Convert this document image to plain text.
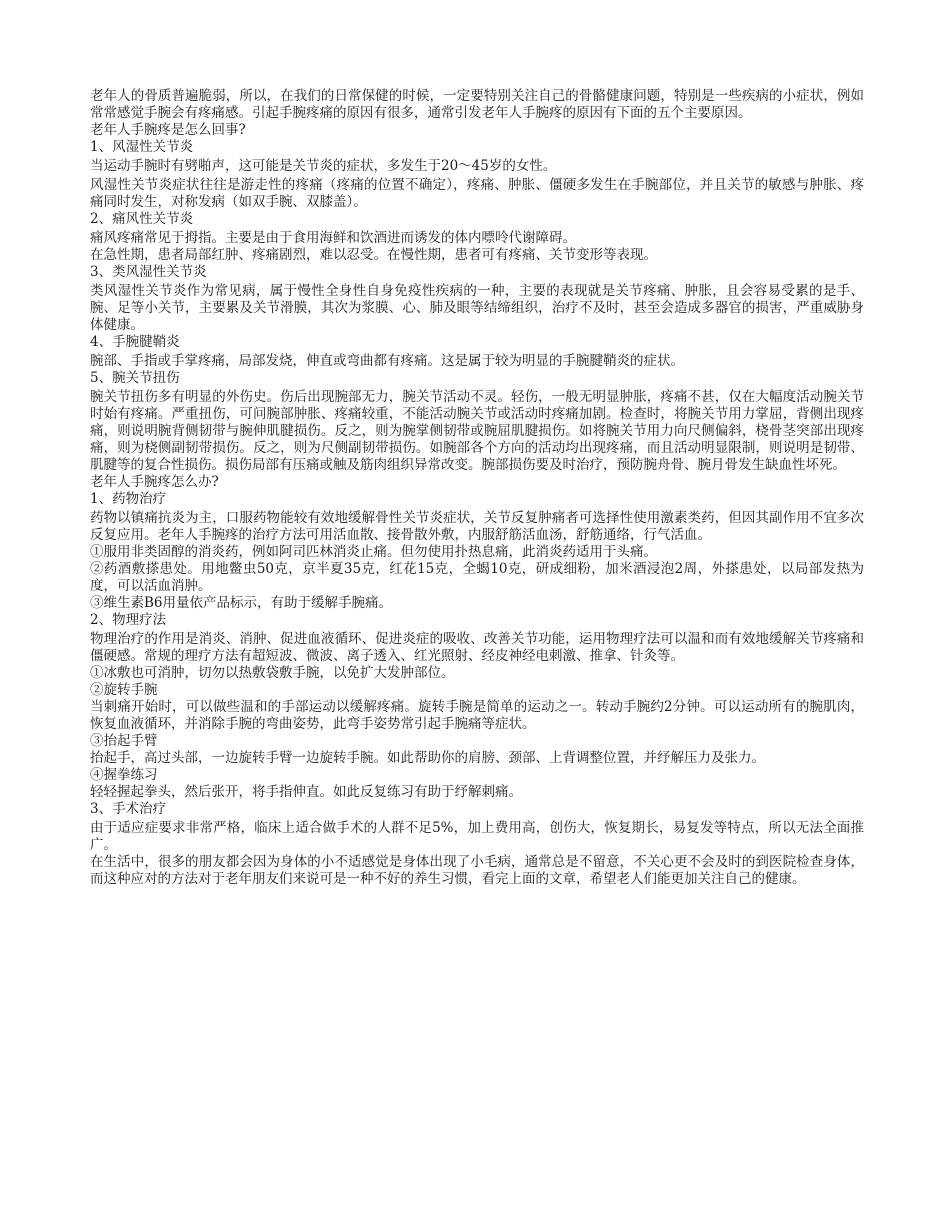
老年人的骨质普遍脆弱，所以，在我们的日常保健的时候，一定要特别关注自己的骨骼健康问题，特别是一些疾病的小症状，例如常常感觉手腕会有疼痛感。引起手腕疼痛的原因有很多，通常引发老年人手腕疼的原因有下面的五个主要原因。

老年人手腕疼是怎么回事?

1、风湿性关节炎

当运动手腕时有劈啪声，这可能是关节炎的症状，多发生于20～45岁的女性。

风湿性关节炎症状往往是游走性的疼痛（疼痛的位置不确定），疼痛、肿胀、僵硬多发生在手腕部位，并且关节的敏感与肿胀、疼痛同时发生，对称发病（如双手腕、双膝盖）。

2、痛风性关节炎

痛风疼痛常见于拇指。主要是由于食用海鲜和饮酒进而诱发的体内嘌呤代谢障碍。

在急性期，患者局部红肿、疼痛剧烈，难以忍受。在慢性期，患者可有疼痛、关节变形等表现。

3、类风湿性关节炎

类风湿性关节炎作为常见病，属于慢性全身性自身免疫性疾病的一种，主要的表现就是关节疼痛、肿胀，且会容易受累的是手、腕、足等小关节，主要累及关节滑膜，其次为浆膜、心、肺及眼等结缔组织，治疗不及时，甚至会造成多器官的损害，严重威胁身体健康。

4、手腕腱鞘炎

腕部、手指或手掌疼痛，局部发烧，伸直或弯曲都有疼痛。这是属于较为明显的手腕腱鞘炎的症状。

5、腕关节扭伤

腕关节扭伤多有明显的外伤史。伤后出现腕部无力，腕关节活动不灵。轻伤，一般无明显肿胀，疼痛不甚，仅在大幅度活动腕关节时始有疼痛。严重扭伤，可问腕部肿胀、疼痛较重，不能活动腕关节或活动时疼痛加剧。检查时，将腕关节用力掌屈，背侧出现疼痛，则说明腕背侧韧带与腕伸肌腱损伤。反之，则为腕掌侧韧带或腕屈肌腱损伤。如将腕关节用力向尺侧偏斜，桡骨茎突部出现疼痛，则为桡侧副韧带损伤。反之，则为尺侧副韧带损伤。如腕部各个方向的活动均出现疼痛，而且活动明显限制，则说明是韧带、肌腱等的复合性损伤。损伤局部有压痛或触及筋肉组织异常改变。腕部损伤要及时治疗，预防腕舟骨、腕月骨发生缺血性坏死。

老年人手腕疼怎么办?

1、药物治疗

药物以镇痛抗炎为主，口服药物能较有效地缓解骨性关节炎症状，关节反复肿痛者可选择性使用激素类药，但因其副作用不宜多次反复应用。老年人手腕疼的治疗方法可用活血散、接骨散外敷，内服舒筋活血汤，舒筋通络，行气活血。

①服用非类固醇的消炎药，例如阿司匹林消炎止痛。但勿使用扑热息痛，此消炎药适用于头痛。

②药酒敷搽患处。用地鳖虫50克，京半夏35克，红花15克，全蝎10克，研成细粉，加米酒浸泡2周，外搽患处，以局部发热为度，可以活血消肿。

③维生素B6用量依产品标示，有助于缓解手腕痛。

2、物理疗法

物理治疗的作用是消炎、消肿、促进血液循环、促进炎症的吸收、改善关节功能，运用物理疗法可以温和而有效地缓解关节疼痛和僵硬感。常规的理疗方法有超短波、微波、离子透入、红光照射、经皮神经电刺激、推拿、针灸等。

①冰敷也可消肿，切勿以热敷袋敷手腕，以免扩大发肿部位。

②旋转手腕

当刺痛开始时，可以做些温和的手部运动以缓解疼痛。旋转手腕是简单的运动之一。转动手腕约2分钟。可以运动所有的腕肌肉，恢复血液循环，并消除手腕的弯曲姿势，此弯手姿势常引起手腕痛等症状。

③抬起手臂

抬起手，高过头部，一边旋转手臂一边旋转手腕。如此帮助你的肩膀、颈部、上背调整位置，并纾解压力及张力。

④握拳练习

轻轻握起拳头，然后张开，将手指伸直。如此反复练习有助于纾解刺痛。

3、手术治疗

由于适应症要求非常严格，临床上适合做手术的人群不足5%，加上费用高，创伤大，恢复期长，易复发等特点，所以无法全面推广。

在生活中，很多的朋友都会因为身体的小不适感觉是身体出现了小毛病，通常总是不留意，不关心更不会及时的到医院检查身体，而这种应对的方法对于老年朋友们来说可是一种不好的养生习惯，看完上面的文章，希望老人们能更加关注自己的健康。
